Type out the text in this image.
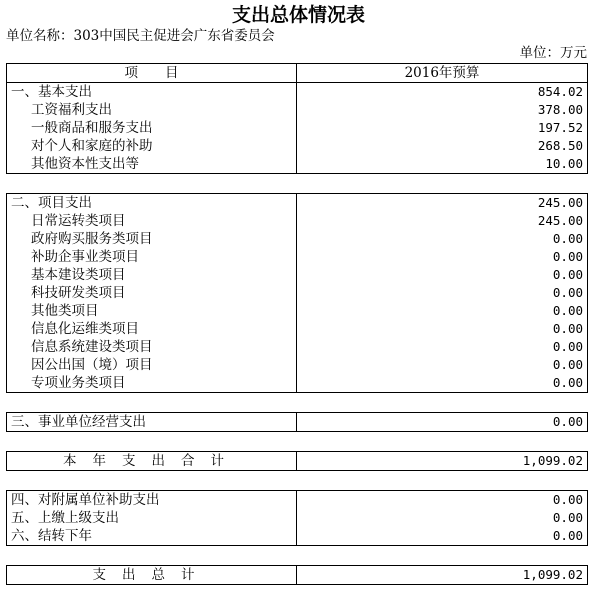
支出总体情况表
单位名称：303中国民主促进会广东省委员会
单位：万元
项　　目	2016年预算
一、基本支出	854.02
工资福利支出	378.00
一般商品和服务支出	197.52
对个人和家庭的补助	268.50
其他资本性支出等	10.00

二、项目支出	245.00
日常运转类项目	245.00
政府购买服务类项目	0.00
补助企事业类项目	0.00
基本建设类项目	0.00
科技研发类项目	0.00
其他类项目	0.00
信息化运维类项目	0.00
信息系统建设类项目	0.00
因公出国（境）项目	0.00
专项业务类项目	0.00

三、事业单位经营支出	0.00

本年支出合计	1,099.02

四、对附属单位补助支出	0.00
五、上缴上级支出	0.00
六、结转下年	0.00

支出总计	1,099.02
